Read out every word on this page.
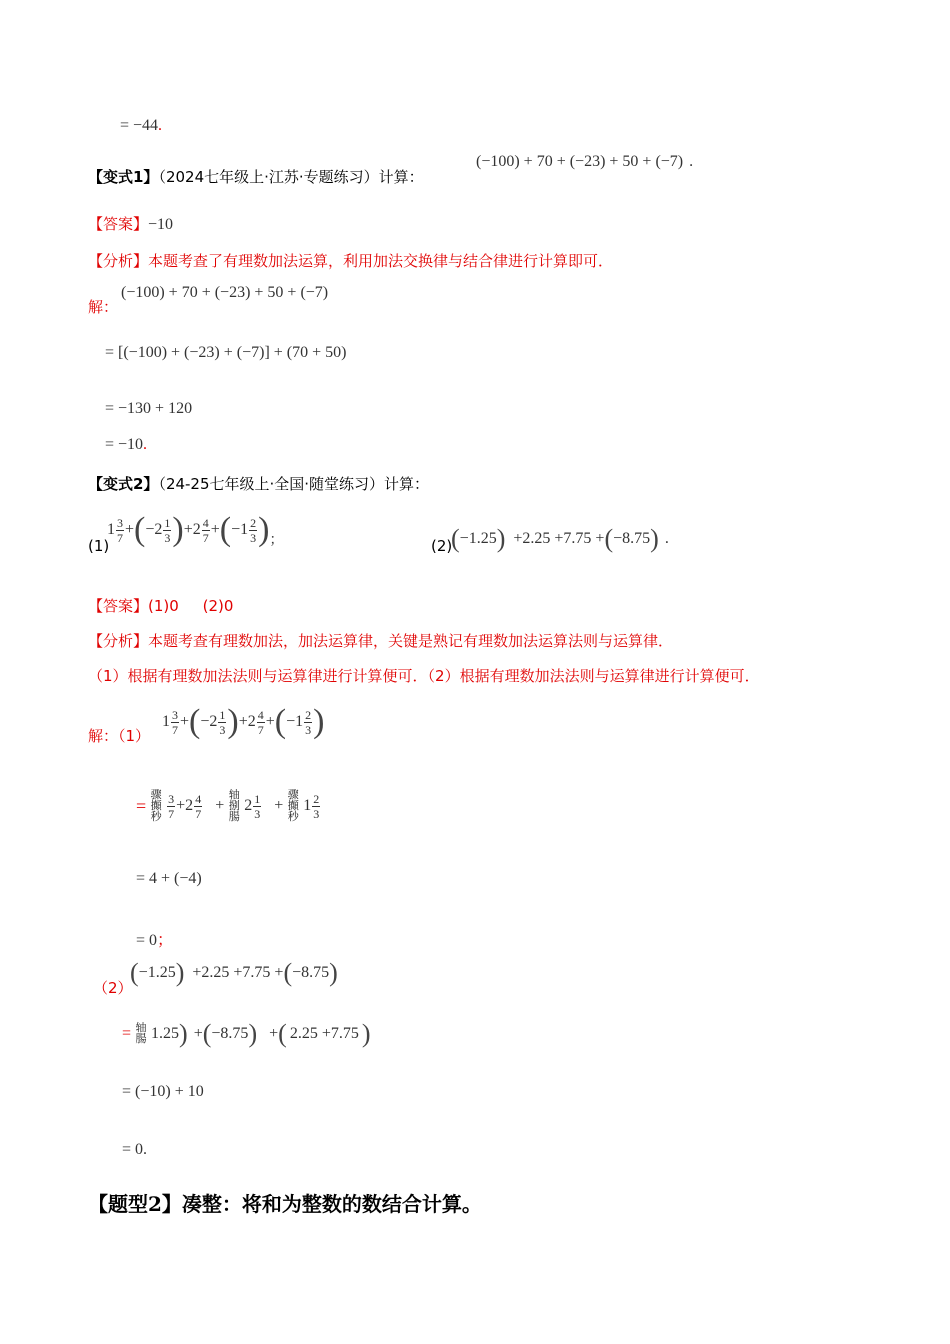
= −44.
【变式1】（2024七年级上·江苏·专题练习）计算：
(−100) + 70 + (−23) + 50 + (−7) .
【答案】−10
【分析】本题考查了有理数加法运算，利用加法交换律与结合律进行计算即可．
解：
(−100) + 70 + (−23) + 50 + (−7)
= [(−100) + (−23) + (−7)] + (70 + 50)
= −130 + 120
= −10.
【变式2】（24-25七年级上·全国·随堂练习）计算：
(1)
$1 \frac{3}{7}$ + ( $-2 \frac{1}{3}$ ) $+2 \frac{4}{7}$ + ( $-1 \frac{2}{3}$ ) ；	(2)
( −1.25 ) +2.25 +7.75 + ( −8.75 ) .
【答案】(1)0     (2)0
【分析】本题考查有理数加法，加法运算律，关键是熟记有理数加法运算法则与运算律．
（1）根据有理数加法法则与运算律进行计算便可．（2）根据有理数加法法则与运算律进行计算便可．
解：（1）
$1 \frac{3}{7}$ + ( $-2 \frac{1}{3}$ ) $+2 \frac{4}{7}$ + ( $-1 \frac{2}{3}$ )
=
骤
攧
秒 $\frac{3}{7} +2 \frac{4}{7}$ +
轴
捌
腸
$2 \frac{1}{3}$ +
骤
攧
秒
$1 \frac{2}{3}$
= 4 + (−4)
= 0；
（2）
( −1.25 ) +2.25 +7.75 + ( −8.75 )
= 轴
腸 1.25 ) + ( −8.75 ) + ( 2.25 +7.75 )
= (−10) + 10
= 0.
【题型2】凑整：将和为整数的数结合计算。
